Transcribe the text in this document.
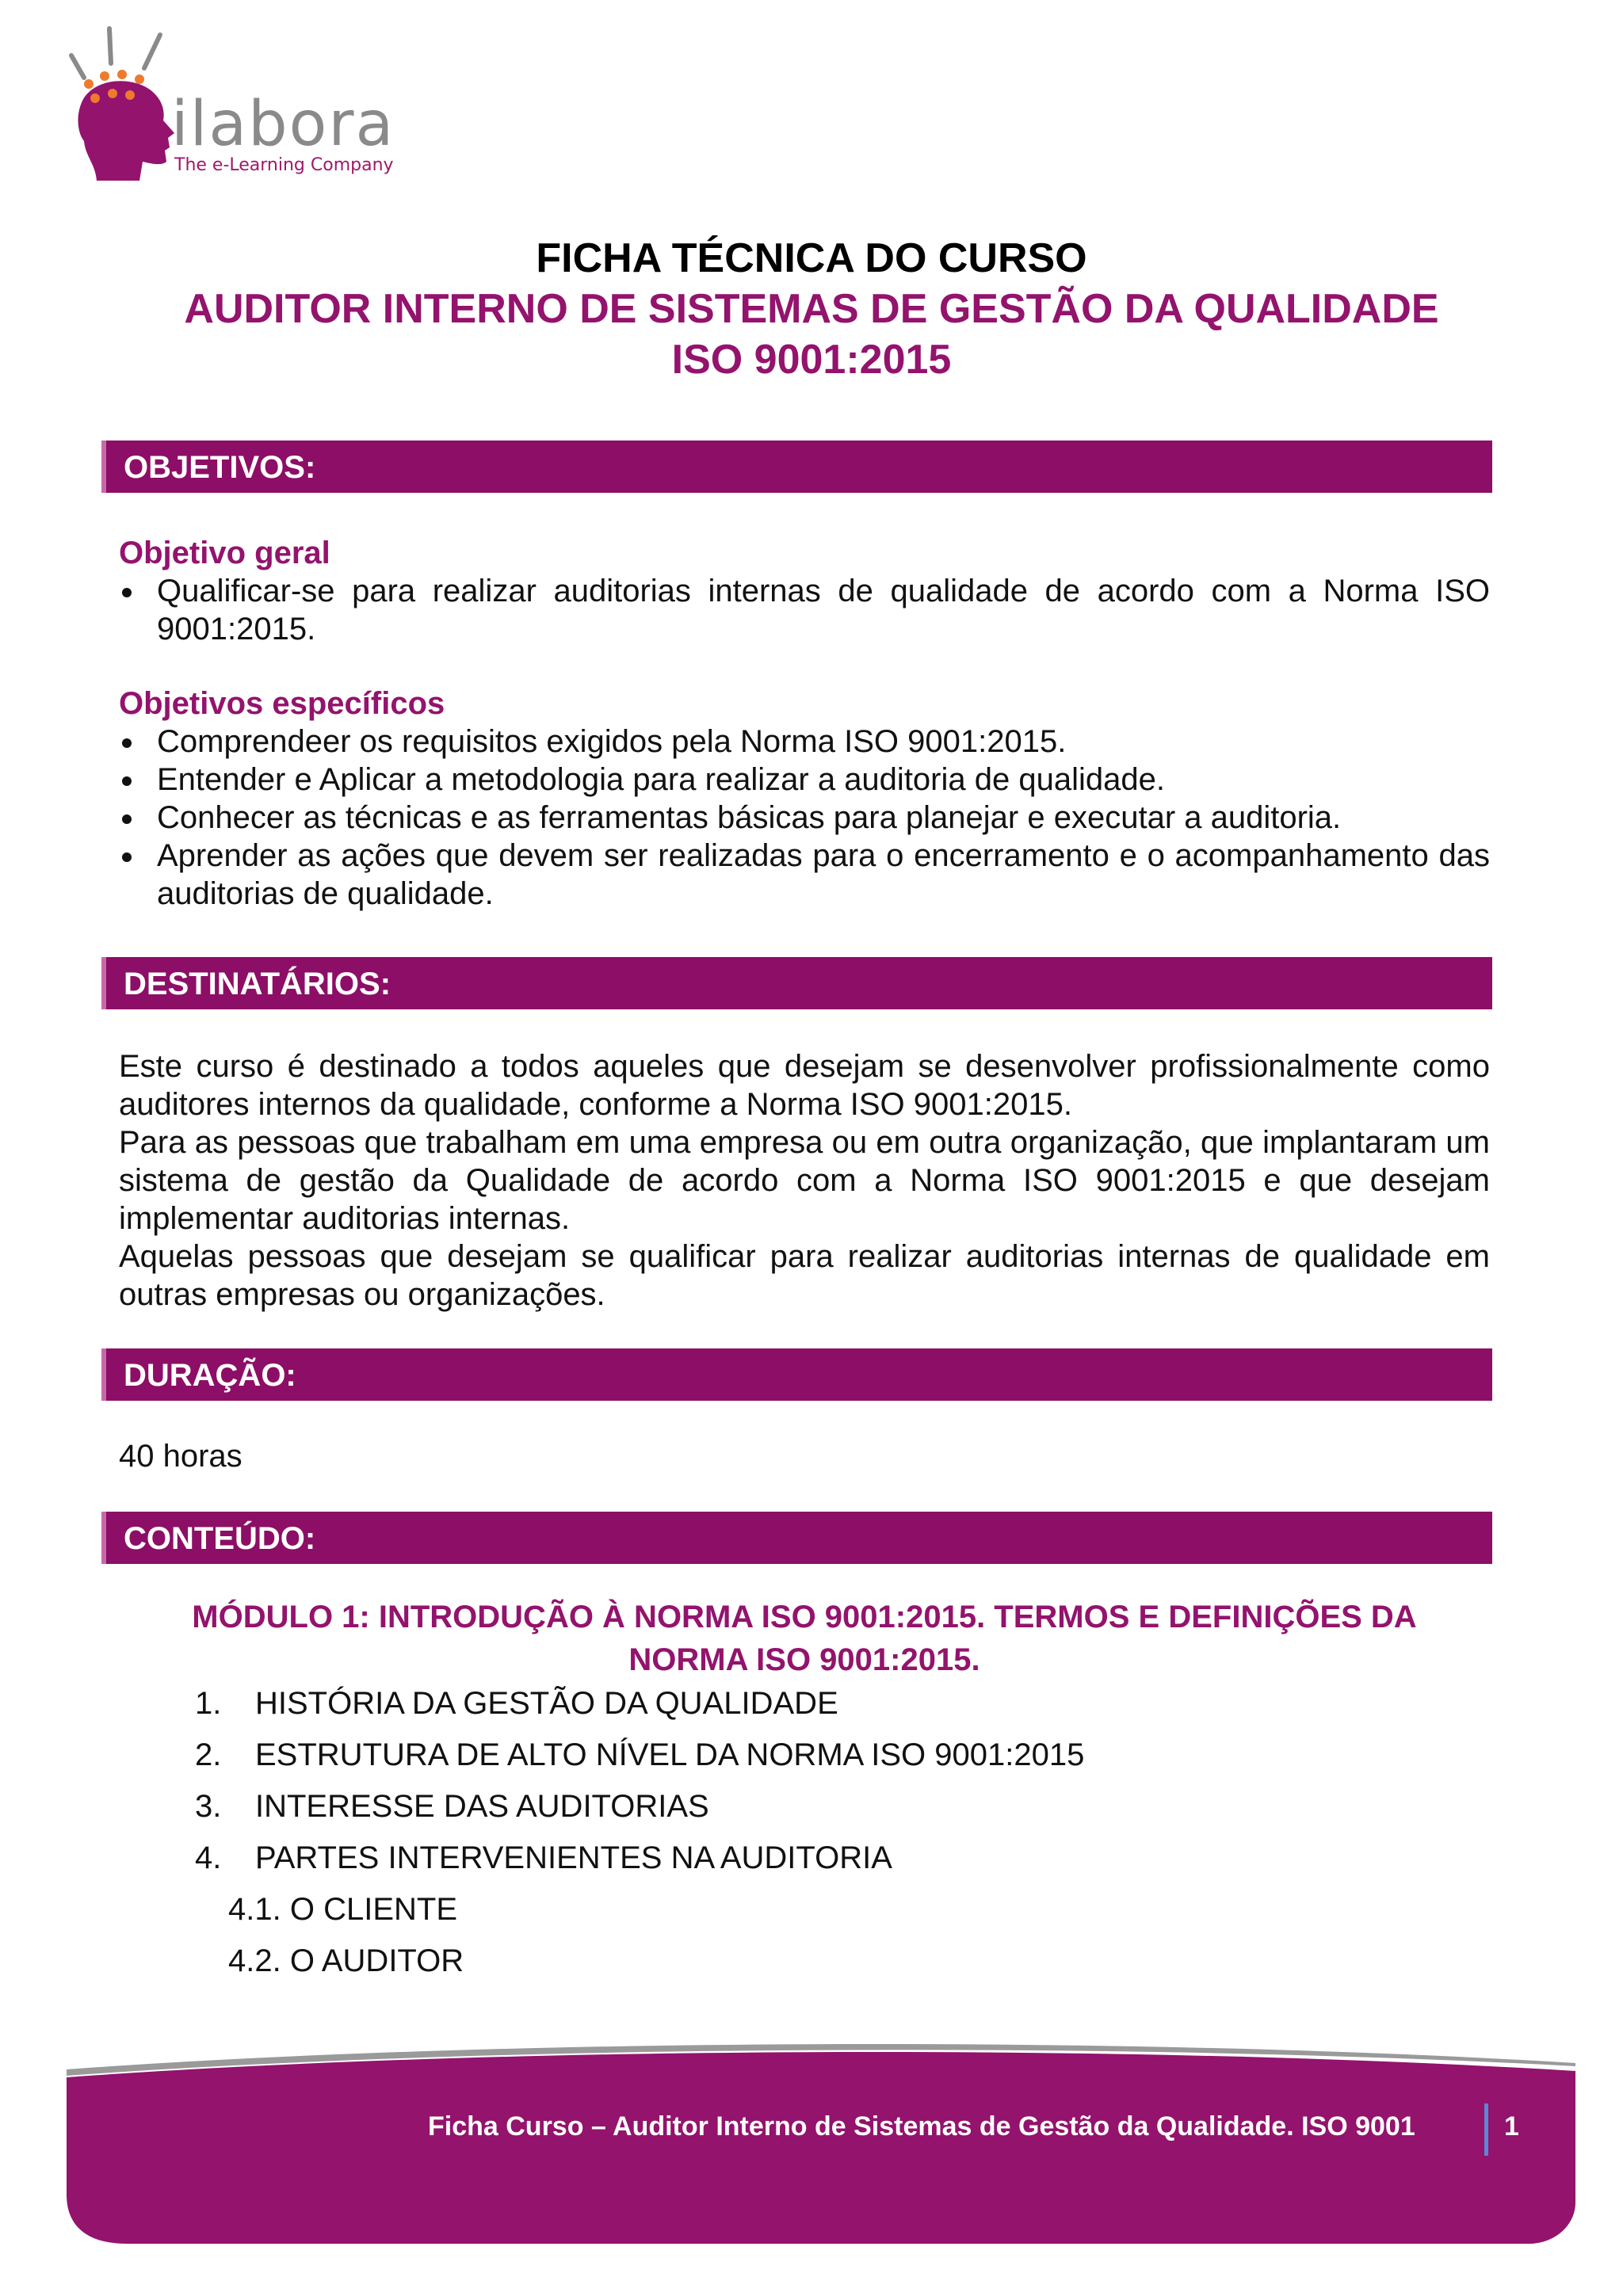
ilabora
The e-Learning Company
FICHA TÉCNICA DO CURSO
AUDITOR INTERNO DE SISTEMAS DE GESTÃO DA QUALIDADE
ISO 9001:2015
OBJETIVOS:
Objetivo geral
Qualificar-se para realizar auditorias internas de qualidade de acordo com a Norma ISO 9001:2015.
Objetivos específicos
Comprendeer os requisitos exigidos pela Norma ISO 9001:2015.
Entender e Aplicar a metodologia para realizar a auditoria de qualidade.
Conhecer as técnicas e as ferramentas básicas para planejar e executar a auditoria.
Aprender as ações que devem ser realizadas para o encerramento e o acompanhamento das auditorias de qualidade.
DESTINATÁRIOS:

Este curso é destinado a todos aqueles que desejam se desenvolver profissionalmente como auditores internos da qualidade, conforme a Norma ISO 9001:2015.

Para as pessoas que trabalham em uma empresa ou em outra organização, que implantaram um sistema de gestão da Qualidade de acordo com a Norma ISO 9001:2015 e que desejam implementar auditorias internas.

Aquelas pessoas que desejam se qualificar para realizar auditorias internas de qualidade em outras empresas ou organizações.

DURAÇÃO:
40 horas
CONTEÚDO:
MÓDULO 1: INTRODUÇÃO À NORMA ISO 9001:2015. TERMOS E DEFINIÇÕES DA
NORMA ISO 9001:2015.
1. HISTÓRIA DA GESTÃO DA QUALIDADE
2. ESTRUTURA DE ALTO NÍVEL DA NORMA ISO 9001:2015
3. INTERESSE DAS AUDITORIAS
4. PARTES INTERVENIENTES NA AUDITORIA
4.1. O CLIENTE
4.2. O AUDITOR
Ficha Curso – Auditor Interno de Sistemas de Gestão da Qualidade. ISO 9001	1
